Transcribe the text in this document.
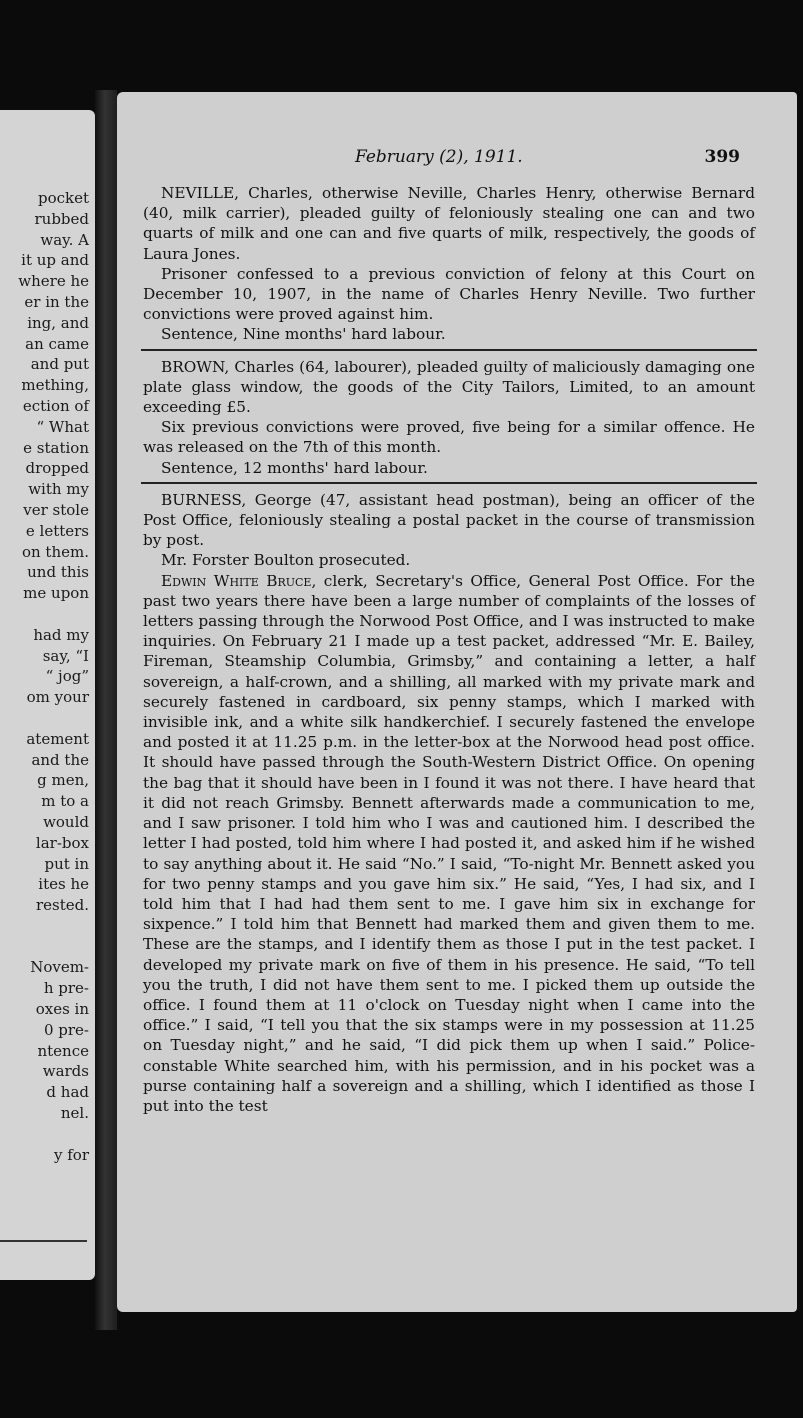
pocket
rubbed
way. A
it up and
where he
er in the
ing, and
an came
and put
mething,
ection of
“ What
e station
dropped
with my
ver stole
e letters
on them.
und this
me upon
had my
say, “I
“ jog”
om your
atement
and the
g men,
m to a
would
lar-box
put in
ites he
rested.
Novem-
h pre-
oxes in
0 pre-
ntence
wards
d had
nel.
y for
February (2), 1911.	399

NEVILLE, Charles, otherwise Neville, Charles Henry, otherwise Bernard (40, milk carrier), pleaded guilty of feloniously stealing one can and two quarts of milk and one can and five quarts of milk, respectively, the goods of Laura Jones.

Prisoner confessed to a previous conviction of felony at this Court on December 10, 1907, in the name of Charles Henry Neville. Two further convictions were proved against him.

Sentence, Nine months' hard labour.

BROWN, Charles (64, labourer), pleaded guilty of maliciously damaging one plate glass window, the goods of the City Tailors, Limited, to an amount exceeding £5.

Six previous convictions were proved, five being for a similar offence. He was released on the 7th of this month.

Sentence, 12 months' hard labour.

BURNESS, George (47, assistant head postman), being an officer of the Post Office, feloniously stealing a postal packet in the course of transmission by post.

Mr. Forster Boulton prosecuted.

Edwin White Bruce, clerk, Secretary's Office, General Post Office. For the past two years there have been a large number of complaints of the losses of letters passing through the Norwood Post Office, and I was instructed to make inquiries. On February 21 I made up a test packet, addressed “Mr. E. Bailey, Fireman, Steamship Columbia, Grimsby,” and containing a letter, a half sovereign, a half-crown, and a shilling, all marked with my private mark and securely fastened in cardboard, six penny stamps, which I marked with invisible ink, and a white silk handkerchief. I securely fastened the envelope and posted it at 11.25 p.m. in the letter-box at the Norwood head post office. It should have passed through the South-Western District Office. On opening the bag that it should have been in I found it was not there. I have heard that it did not reach Grimsby. Bennett afterwards made a communication to me, and I saw prisoner. I told him who I was and cautioned him. I described the letter I had posted, told him where I had posted it, and asked him if he wished to say anything about it. He said “No.” I said, “To-night Mr. Bennett asked you for two penny stamps and you gave him six.” He said, “Yes, I had six, and I told him that I had had them sent to me. I gave him six in exchange for sixpence.” I told him that Bennett had marked them and given them to me. These are the stamps, and I identify them as those I put in the test packet. I developed my private mark on five of them in his presence. He said, “To tell you the truth, I did not have them sent to me. I picked them up outside the office. I found them at 11 o'clock on Tuesday night when I came into the office.” I said, “I tell you that the six stamps were in my possession at 11.25 on Tuesday night,” and he said, “I did pick them up when I said.” Police-constable White searched him, with his permission, and in his pocket was a purse containing half a sovereign and a shilling, which I identified as those I put into the test
